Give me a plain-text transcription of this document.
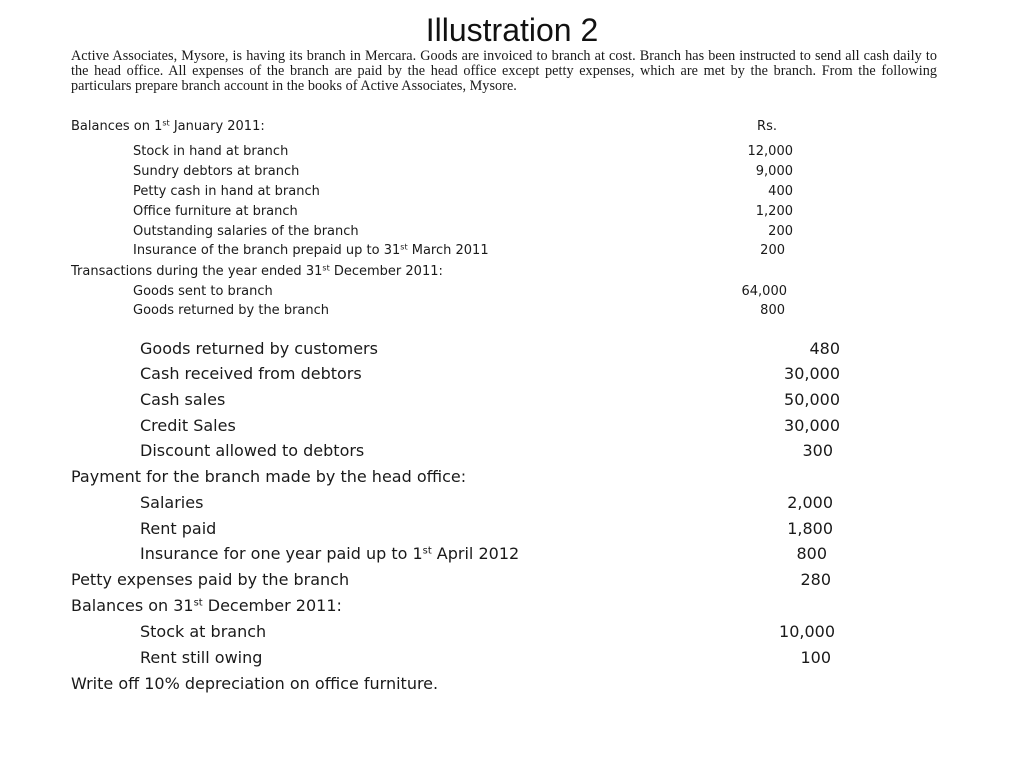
Illustration 2
Active Associates, Mysore, is having its branch in Mercara. Goods are invoiced to branch at cost. Branch has been instructed to send all cash daily to the head office. All expenses of the branch are paid by the head office except petty expenses, which are met by the branch. From the following particulars prepare branch account in the books of Active Associates, Mysore.
Balances on 1st January 2011:	Rs.
Stock in hand at branch	12,000
Sundry debtors at branch	9,000
Petty cash in hand at branch	400
Office furniture at branch	1,200
Outstanding salaries of the branch	200
Insurance of the branch prepaid up to 31st March 2011	200
Transactions during the year ended 31st December 2011:
Goods sent to branch	64,000
Goods returned by the branch	800
Goods returned by customers	480
Cash received from debtors	30,000
Cash sales	50,000
Credit Sales	30,000
Discount allowed to debtors	300
Payment for the branch made by the head office:
Salaries	2,000
Rent paid	1,800
Insurance for one year paid up to 1st April 2012	800
Petty expenses paid by the branch	280
Balances on 31st December 2011:
Stock at branch	10,000
Rent still owing	100
Write off 10% depreciation on office furniture.
